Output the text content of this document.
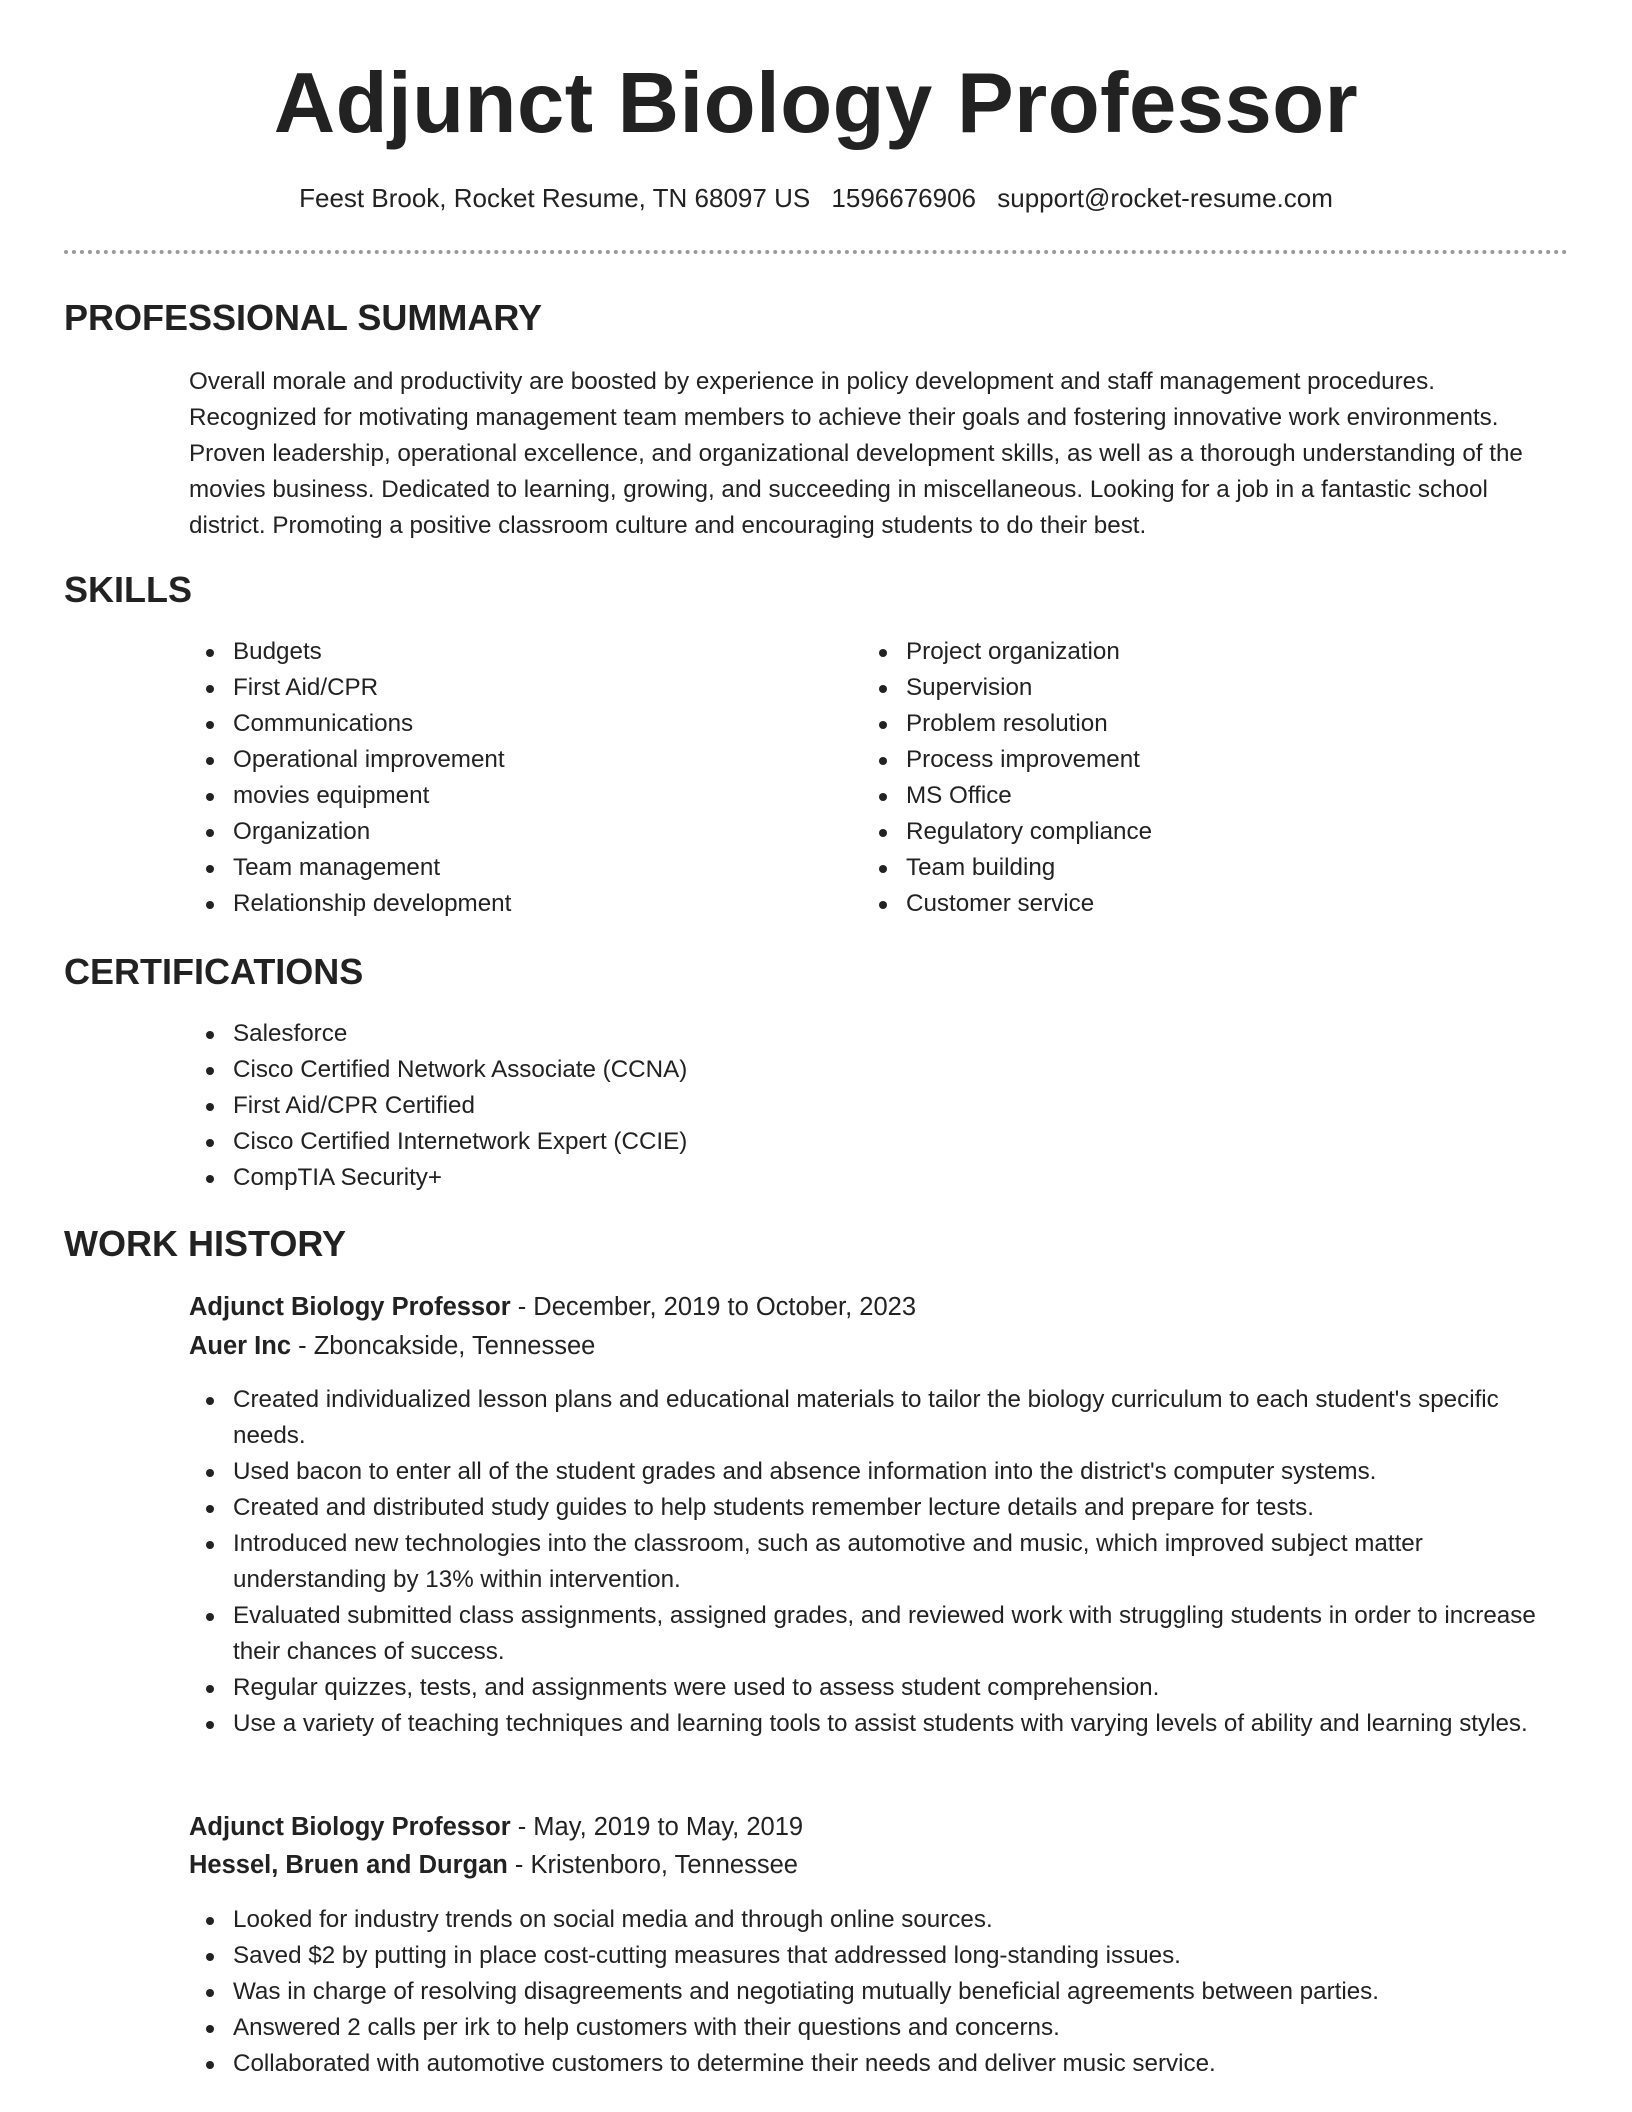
Adjunct Biology Professor
Feest Brook, Rocket Resume, TN 68097 US 1596676906 support@rocket-resume.com
PROFESSIONAL SUMMARY

Overall morale and productivity are boosted by experience in policy development and staff management procedures. Recognized for motivating management team members to achieve their goals and fostering innovative work environments. Proven leadership, operational excellence, and organizational development skills, as well as a thorough understanding of the movies business. Dedicated to learning, growing, and succeeding in miscellaneous. Looking for a job in a fantastic school district. Promoting a positive classroom culture and encouraging students to do their best.

SKILLS
Budgets
First Aid/CPR
Communications
Operational improvement
movies equipment
Organization
Team management
Relationship development
Project organization
Supervision
Problem resolution
Process improvement
MS Office
Regulatory compliance
Team building
Customer service
CERTIFICATIONS
Salesforce
Cisco Certified Network Associate (CCNA)
First Aid/CPR Certified
Cisco Certified Internetwork Expert (CCIE)
CompTIA Security+
WORK HISTORY
Adjunct Biology Professor - December, 2019 to October, 2023
Auer Inc - Zboncakside, Tennessee
Created individualized lesson plans and educational materials to tailor the biology curriculum to each student's specific needs.
Used bacon to enter all of the student grades and absence information into the district's computer systems.
Created and distributed study guides to help students remember lecture details and prepare for tests.
Introduced new technologies into the classroom, such as automotive and music, which improved subject matter understanding by 13% within intervention.
Evaluated submitted class assignments, assigned grades, and reviewed work with struggling students in order to increase their chances of success.
Regular quizzes, tests, and assignments were used to assess student comprehension.
Use a variety of teaching techniques and learning tools to assist students with varying levels of ability and learning styles.
Adjunct Biology Professor - May, 2019 to May, 2019
Hessel, Bruen and Durgan - Kristenboro, Tennessee
Looked for industry trends on social media and through online sources.
Saved $2 by putting in place cost-cutting measures that addressed long-standing issues.
Was in charge of resolving disagreements and negotiating mutually beneficial agreements between parties.
Answered 2 calls per irk to help customers with their questions and concerns.
Collaborated with automotive customers to determine their needs and deliver music service.
